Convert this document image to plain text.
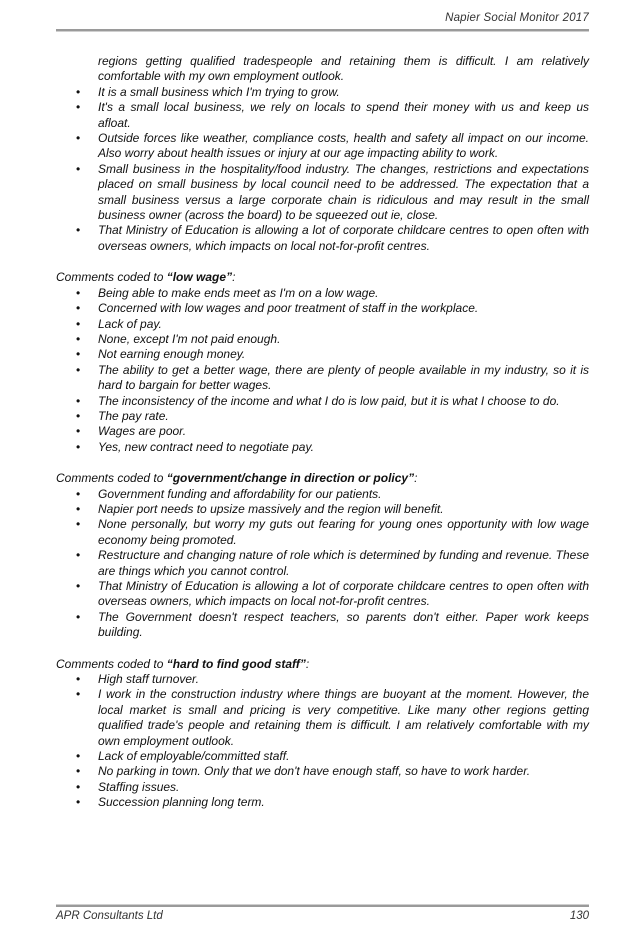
Napier Social Monitor 2017

regions getting qualified tradespeople and retaining them is difficult. I am relatively comfortable with my own employment outlook.

• It is a small business which I'm trying to grow.
• It's a small local business, we rely on locals to spend their money with us and keep us afloat.
• Outside forces like weather, compliance costs, health and safety all impact on our income. Also worry about health issues or injury at our age impacting ability to work.
• Small business in the hospitality/food industry. The changes, restrictions and expectations placed on small business by local council need to be addressed. The expectation that a small business versus a large corporate chain is ridiculous and may result in the small business owner (across the board) to be squeezed out ie, close.
• That Ministry of Education is allowing a lot of corporate childcare centres to open often with overseas owners, which impacts on local not-for-profit centres.
Comments coded to “low wage”:
• Being able to make ends meet as I'm on a low wage.
• Concerned with low wages and poor treatment of staff in the workplace.
• Lack of pay.
• None, except I'm not paid enough.
• Not earning enough money.
• The ability to get a better wage, there are plenty of people available in my industry, so it is hard to bargain for better wages.
• The inconsistency of the income and what I do is low paid, but it is what I choose to do.
• The pay rate.
• Wages are poor.
• Yes, new contract need to negotiate pay.
Comments coded to “government/change in direction or policy”:
• Government funding and affordability for our patients.
• Napier port needs to upsize massively and the region will benefit.
• None personally, but worry my guts out fearing for young ones opportunity with low wage economy being promoted.
• Restructure and changing nature of role which is determined by funding and revenue. These are things which you cannot control.
• That Ministry of Education is allowing a lot of corporate childcare centres to open often with overseas owners, which impacts on local not-for-profit centres.
• The Government doesn't respect teachers, so parents don't either. Paper work keeps building.
Comments coded to “hard to find good staff”:
• High staff turnover.
• I work in the construction industry where things are buoyant at the moment. However, the local market is small and pricing is very competitive. Like many other regions getting qualified trade's people and retaining them is difficult. I am relatively comfortable with my own employment outlook.
• Lack of employable/committed staff.
• No parking in town. Only that we don't have enough staff, so have to work harder.
• Staffing issues.
• Succession planning long term.
APR Consultants Ltd	130
